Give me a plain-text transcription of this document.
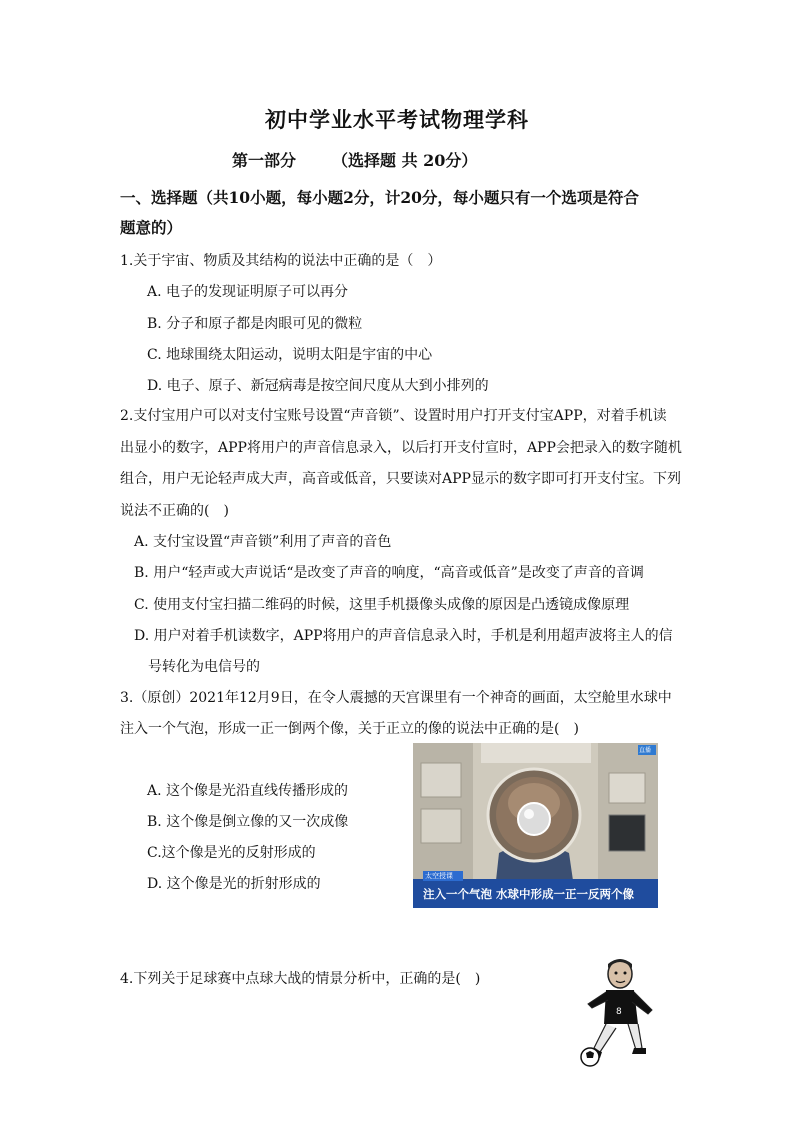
初中学业水平考试物理学科
第一部分 （选择题 共 20分）
一、选择题（共10小题，每小题2分，计20分，每小题只有一个选项是符合
题意的）
1.关于宇宙、物质及其结构的说法中正确的是（　）
A. 电子的发现证明原子可以再分
B. 分子和原子都是肉眼可见的微粒
C. 地球围绕太阳运动，说明太阳是宇宙的中心
D. 电子、原子、新冠病毒是按空间尺度从大到小排列的
2.支付宝用户可以对支付宝账号设置“声音锁”、设置时用户打开支付宝APP，对着手机读
出显小的数字，APP将用户的声音信息录入，以后打开支付宣时，APP会把录入的数字随机
组合，用户无论轻声成大声，高音或低音，只要读对APP显示的数字即可打开支付宝。下列
说法不正确的(　)
A. 支付宝设置“声音锁”利用了声音的音色
B. 用户“轻声或大声说话“是改变了声音的响度，“高音或低音”是改变了声音的音调
C. 使用支付宝扫描二维码的时候，这里手机摄像头成像的原因是凸透镜成像原理
D. 用户对着手机读数字，APP将用户的声音信息录入时，手机是利用超声波将主人的信
号转化为电信号的
3.（原创）2021年12月9日，在令人震撼的天宫课里有一个神奇的画面，太空舱里水球中
注入一个气泡，形成一正一倒两个像，关于正立的像的说法中正确的是(　)
A. 这个像是光沿直线传播形成的
B. 这个像是倒立像的又一次成像
C.这个像是光的反射形成的
D. 这个像是光的折射形成的	太空授课
直播
注入一个气泡 水球中形成一正一反两个像
4.下列关于足球赛中点球大战的情景分析中，正确的是(　)
8
